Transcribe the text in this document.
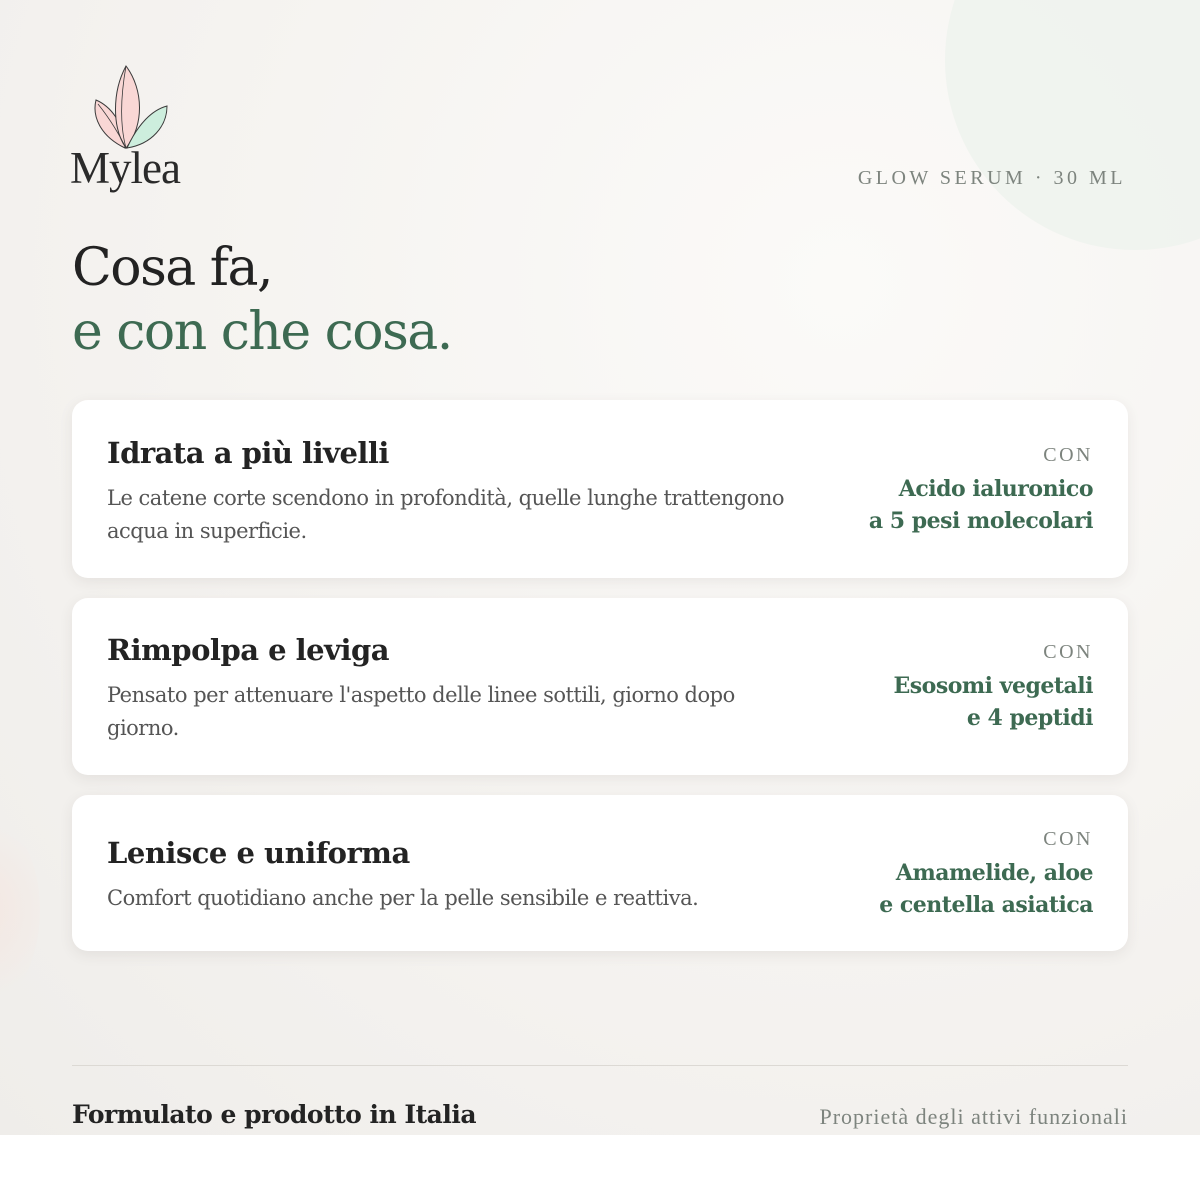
Mylea	GLOW SERUM · 30 ML
Cosa fa,
e con che cosa.
Idrata a più livelli
Le catene corte scendono in profondità, quelle lunghe trattengono acqua in superficie.
CON
Acido ialuronico
a 5 pesi molecolari
Rimpolpa e leviga
Pensato per attenuare l'aspetto delle linee sottili, giorno dopo giorno.
CON
Esosomi vegetali
e 4 peptidi
Lenisce e uniforma
Comfort quotidiano anche per la pelle sensibile e reattiva.
CON
Amamelide, aloe
e centella asiatica
Formulato e prodotto in Italia	Proprietà degli attivi funzionali
